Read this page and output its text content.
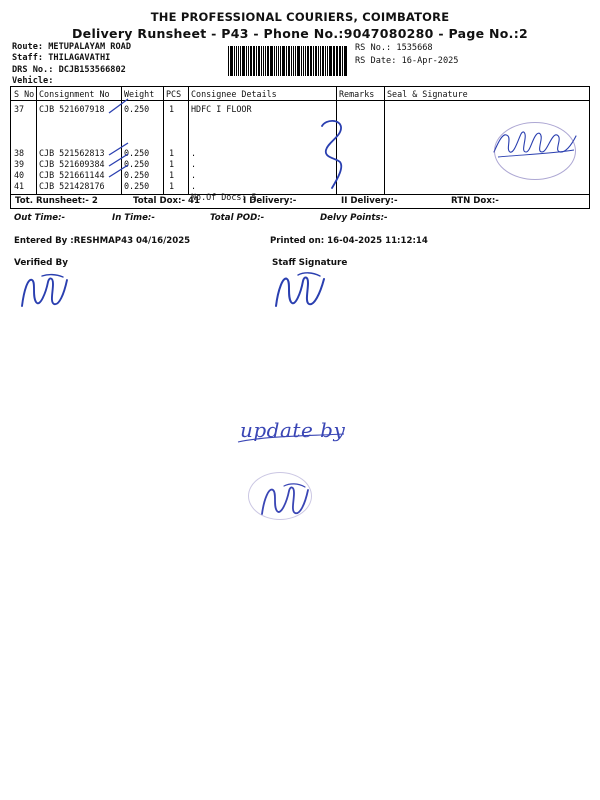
THE PROFESSIONAL COURIERS, COIMBATORE
Delivery Runsheet - P43 - Phone No.:9047080280 - Page No.:2
Route: METUPALAYAM ROAD
Staff: THILAGAVATHI
DRS No.: DCJB153566802
Vehicle:
RS No.: 1535668
RS Date: 16-Apr-2025
S No Consignment No	Weight	PCS	Consignee Details	Remarks	Seal & Signature
37 CJB 521607918 0.250 1 HDFC I FLOOR
38 CJB 521562813 0.250 1 .
39 CJB 521609384 0.250 1 .
40 CJB 521661144 0.250 1 .
41 CJB 521428176 0.250 1 .
No.Of Docs: 5
Tot. Runsheet:- 2	Total Dox:- 41	I Delivery:-	II Delivery:-	RTN Dox:-
Out Time:-	In Time:-	Total POD:-	Delvy Points:-
Entered By :RESHMAP43 04/16/2025	Printed on: 16-04-2025 11:12:14
Verified By	Staff Signature
update by
